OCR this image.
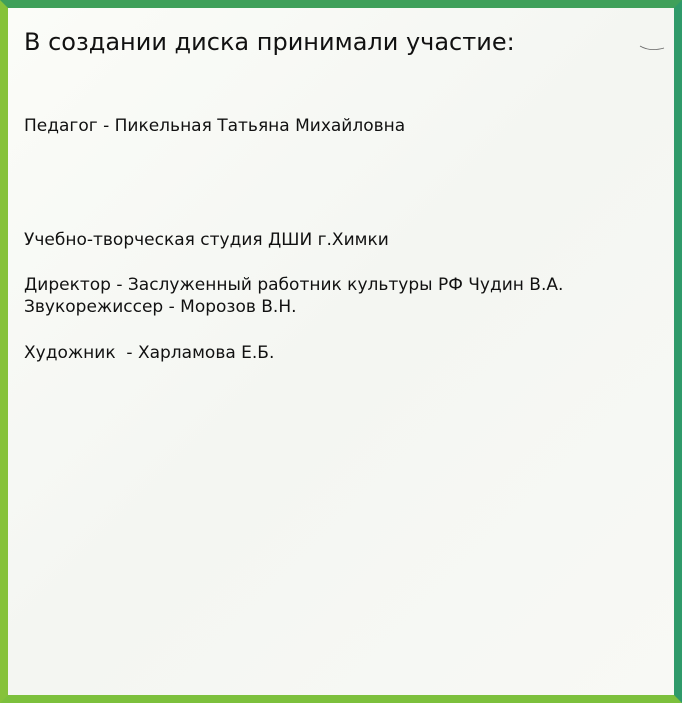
В создании диска принимали участие:
Педагог - Пикельная Татьяна Михайловна
Учебно-творческая студия ДШИ г.Химки
Директор - Заслуженный работник культуры РФ Чудин В.А.
Звукорежиссер - Морозов В.Н.
Художник  - Харламова Е.Б.
